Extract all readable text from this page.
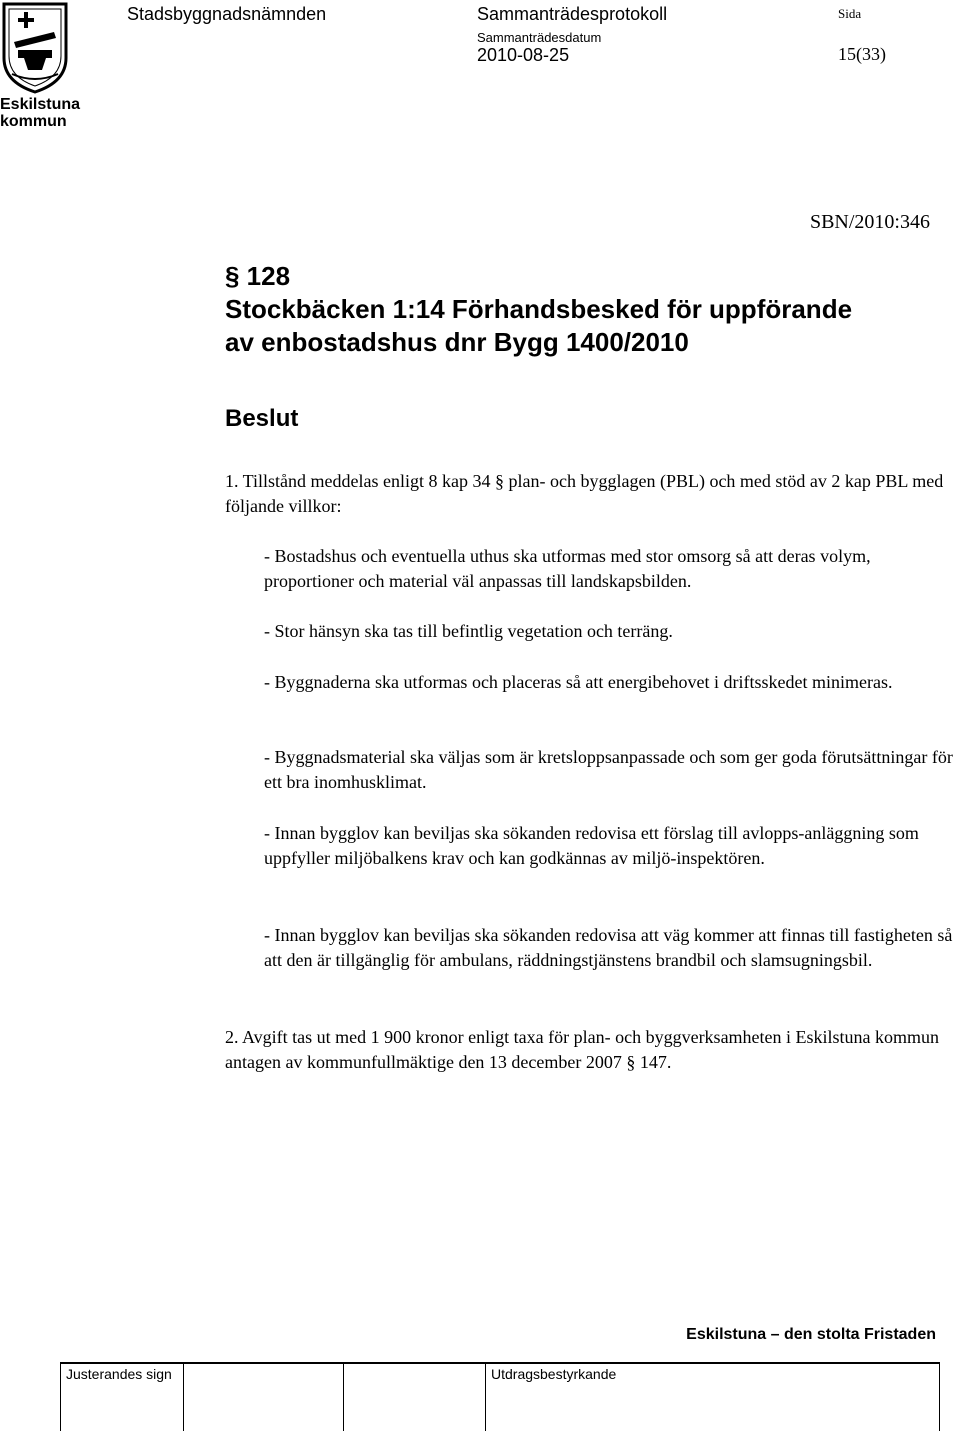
Eskilstuna
kommun
Stadsbyggnadsnämnden	Sammanträdesprotokoll
Sammanträdesdatum
2010-08-25
Sida
15(33)
SBN/2010:346
§ 128
Stockbäcken 1:14 Förhandsbesked för uppförande
av enbostadshus dnr Bygg 1400/2010
Beslut

1. Tillstånd meddelas enligt 8 kap 34 § plan- och bygglagen (PBL) och med stöd av 2 kap PBL med följande villkor:

- Bostadshus och eventuella uthus ska utformas med stor omsorg så att deras volym, proportioner och material väl anpassas till landskapsbilden.

- Stor hänsyn ska tas till befintlig vegetation och terräng.

- Byggnaderna ska utformas och placeras så att energibehovet i driftsskedet minimeras.

- Byggnadsmaterial ska väljas som är kretsloppsanpassade och som ger goda förutsättningar för ett bra inomhusklimat.

- Innan bygglov kan beviljas ska sökanden redovisa ett förslag till avlopps-anläggning som uppfyller miljöbalkens krav och kan godkännas av miljö-inspektören.

- Innan bygglov kan beviljas ska sökanden redovisa att väg kommer att finnas till fastigheten så att den är tillgänglig för ambulans, räddningstjänstens brandbil och slamsugningsbil.

2. Avgift tas ut med 1 900 kronor enligt taxa för plan- och byggverksamheten i Eskilstuna kommun antagen av kommunfullmäktige den 13 december 2007 § 147.

Eskilstuna – den stolta Fristaden
Justerandes sign	Utdragsbestyrkande
